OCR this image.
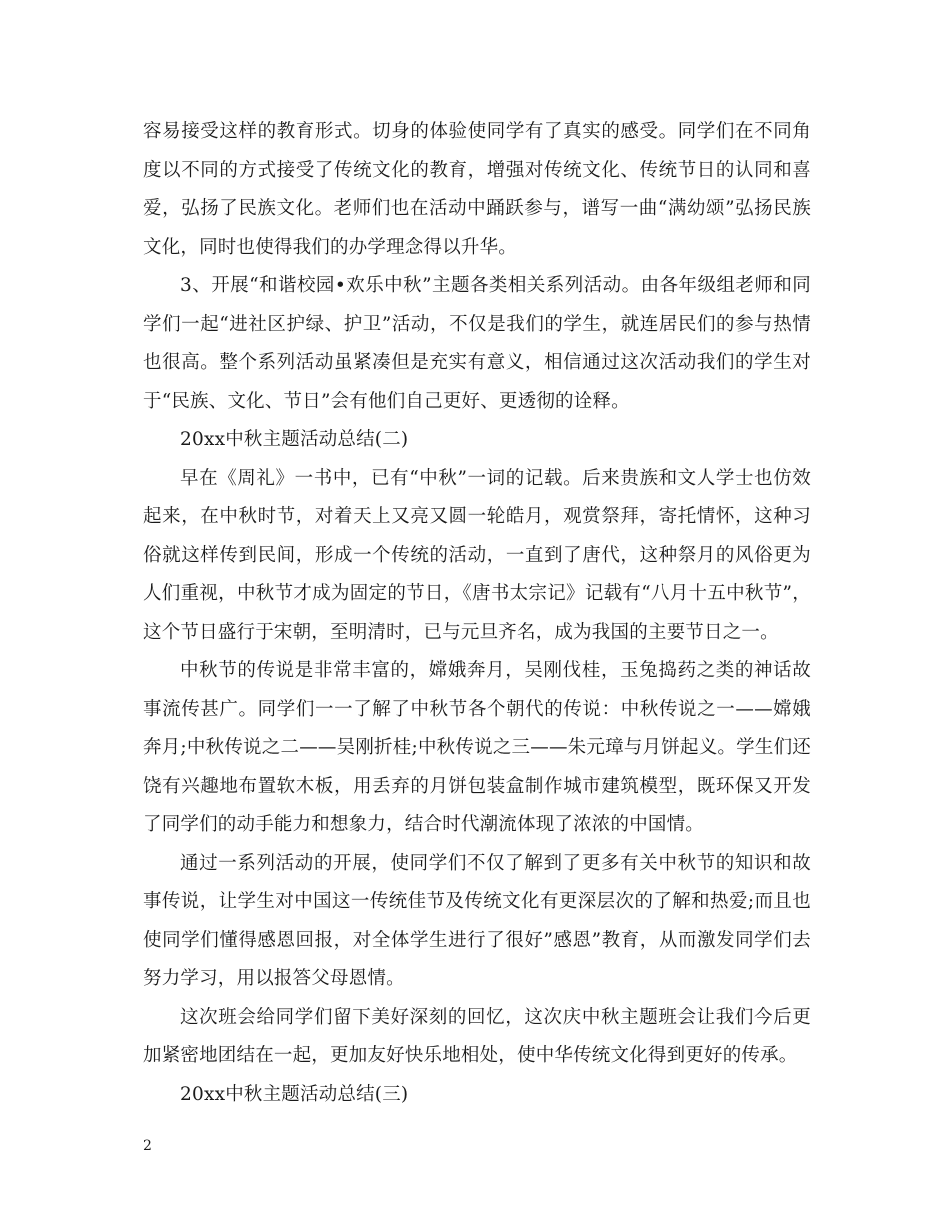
容易接受这样的教育形式。切身的体验使同学有了真实的感受。同学们在不同角度以不同的方式接受了传统文化的教育，增强对传统文化、传统节日的认同和喜爱，弘扬了民族文化。老师们也在活动中踊跃参与，谱写一曲“满幼颂”弘扬民族文化，同时也使得我们的办学理念得以升华。

3、开展“和谐校园•欢乐中秋”主题各类相关系列活动。由各年级组老师和同学们一起“进社区护绿、护卫”活动，不仅是我们的学生，就连居民们的参与热情也很高。整个系列活动虽紧凑但是充实有意义，相信通过这次活动我们的学生对于“民族、文化、节日”会有他们自己更好、更透彻的诠释。

20xx中秋主题活动总结(二)

早在《周礼》一书中，已有“中秋”一词的记载。后来贵族和文人学士也仿效起来，在中秋时节，对着天上又亮又圆一轮皓月，观赏祭拜，寄托情怀，这种习俗就这样传到民间，形成一个传统的活动，一直到了唐代，这种祭月的风俗更为人们重视，中秋节才成为固定的节日，《唐书太宗记》记载有“八月十五中秋节”，这个节日盛行于宋朝，至明清时，已与元旦齐名，成为我国的主要节日之一。

中秋节的传说是非常丰富的，嫦娥奔月，吴刚伐桂，玉兔捣药之类的神话故事流传甚广。同学们一一了解了中秋节各个朝代的传说：中秋传说之一——嫦娥奔月;中秋传说之二——吴刚折桂;中秋传说之三——朱元璋与月饼起义。学生们还饶有兴趣地布置软木板，用丢弃的月饼包装盒制作城市建筑模型，既环保又开发了同学们的动手能力和想象力，结合时代潮流体现了浓浓的中国情。

通过一系列活动的开展，使同学们不仅了解到了更多有关中秋节的知识和故事传说，让学生对中国这一传统佳节及传统文化有更深层次的了解和热爱;而且也使同学们懂得感恩回报，对全体学生进行了很好”感恩”教育，从而激发同学们去努力学习，用以报答父母恩情。

这次班会给同学们留下美好深刻的回忆，这次庆中秋主题班会让我们今后更加紧密地团结在一起，更加友好快乐地相处，使中华传统文化得到更好的传承。

20xx中秋主题活动总结(三)

2
